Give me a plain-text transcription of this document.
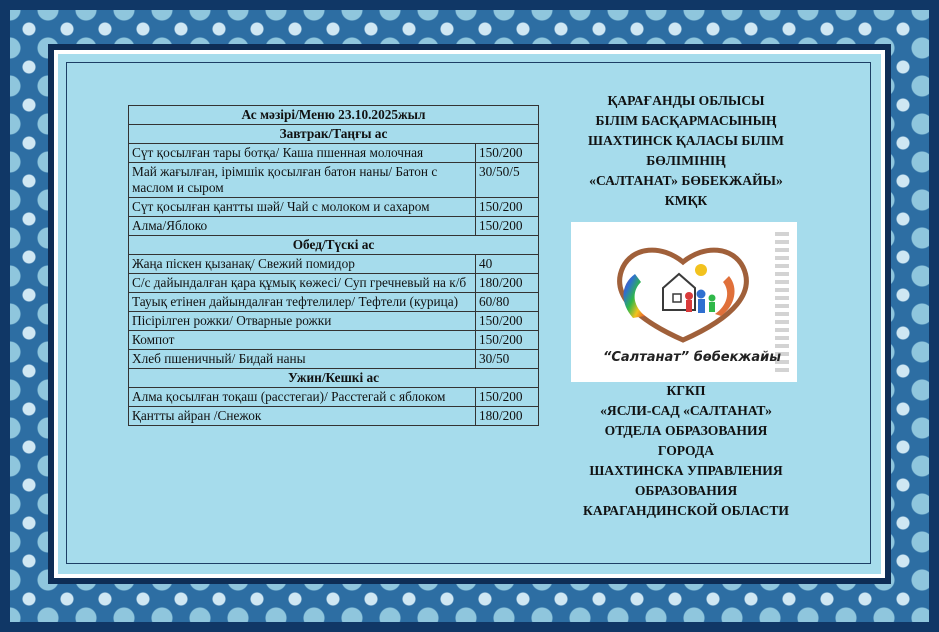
Ас мәзірі/Меню 23.10.2025жыл	
Завтрак/Таңғы ас	
Сүт қосылған тары ботқа/ Каша пшенная молочная	150/200
Май жағылған, ірімшік қосылған батон наны/ Батон с маслом и сыром	30/50/5
Сүт қосылған қантты шәй/ Чай с молоком и сахаром	150/200
Алма/Яблоко	150/200
Обед/Түскі ас	
Жаңа піскен қызанақ/ Свежий помидор	40
С/с дайындалған қара құмық көжесі/ Суп гречневый на к/б	180/200
Тауық етінен дайындалған тефтелилер/ Тефтели (курица)	60/80
Пісірілген рожки/ Отварные рожки	150/200
Компот	150/200
Хлеб пшеничный/ Бидай наны	30/50
Ужин/Кешкі ас	
Алма қосылған тоқаш (расстегаи)/ Расстегай с яблоком	150/200
Қантты айран /Снежок	180/200
ҚАРАҒАНДЫ ОБЛЫСЫ
БІЛІМ БАСҚАРМАСЫНЫҢ
ШАХТИНСК ҚАЛАСЫ БІЛІМ
БӨЛІМІНІҢ
«САЛТАНАТ» БӨБЕКЖАЙЫ»
КМҚК
“Салтанат” бөбекжайы
КГКП
«ЯСЛИ-САД «САЛТАНАТ»
ОТДЕЛА ОБРАЗОВАНИЯ
ГОРОДА
ШАХТИНСКА УПРАВЛЕНИЯ
ОБРАЗОВАНИЯ
КАРАГАНДИНСКОЙ ОБЛАСТИ
